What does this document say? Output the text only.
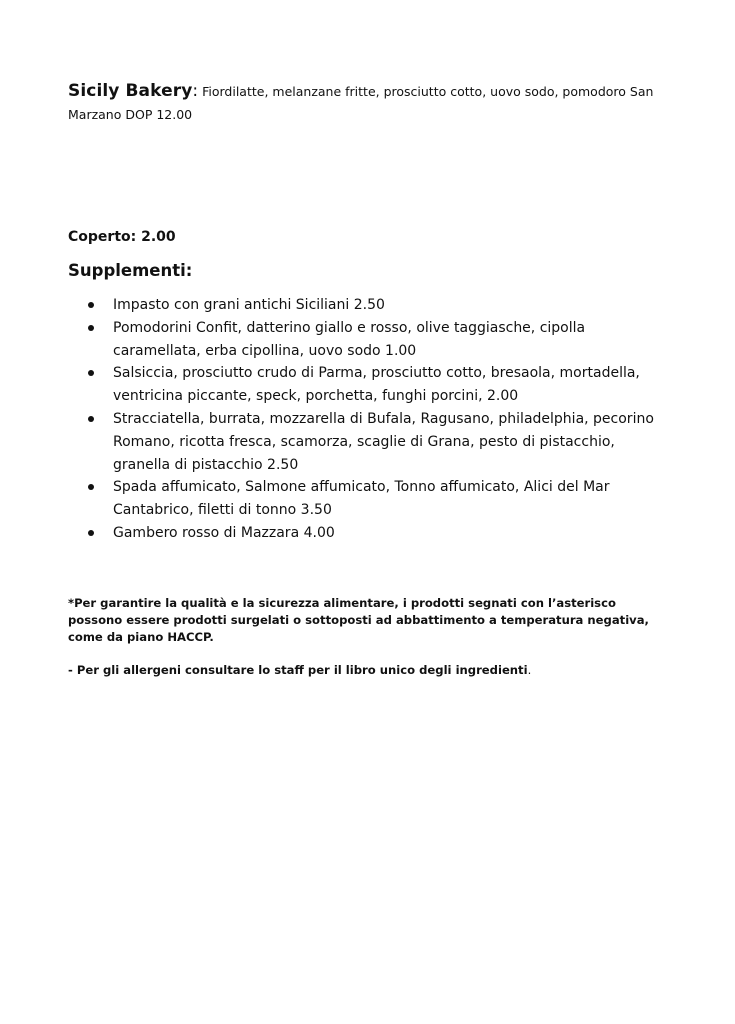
Sicily Bakery: Fiordilatte, melanzane fritte, prosciutto cotto, uovo sodo, pomodoro San Marzano DOP 12.00
Coperto: 2.00
Supplementi:
Impasto con grani antichi Siciliani 2.50
Pomodorini Confit, datterino giallo e rosso, olive taggiasche, cipolla caramellata, erba cipollina, uovo sodo 1.00
Salsiccia, prosciutto crudo di Parma, prosciutto cotto, bresaola, mortadella, ventricina piccante, speck, porchetta, funghi porcini, 2.00
Stracciatella, burrata, mozzarella di Bufala, Ragusano, philadelphia, pecorino Romano, ricotta fresca, scamorza, scaglie di Grana, pesto di pistacchio, granella di pistacchio 2.50
Spada affumicato, Salmone affumicato, Tonno affumicato, Alici del Mar Cantabrico, filetti di tonno 3.50
Gambero rosso di Mazzara 4.00
*Per garantire la qualità e la sicurezza alimentare, i prodotti segnati con l’asterisco possono essere prodotti surgelati o sottoposti ad abbattimento a temperatura negativa, come da piano HACCP.
- Per gli allergeni consultare lo staff per il libro unico degli ingredienti.
